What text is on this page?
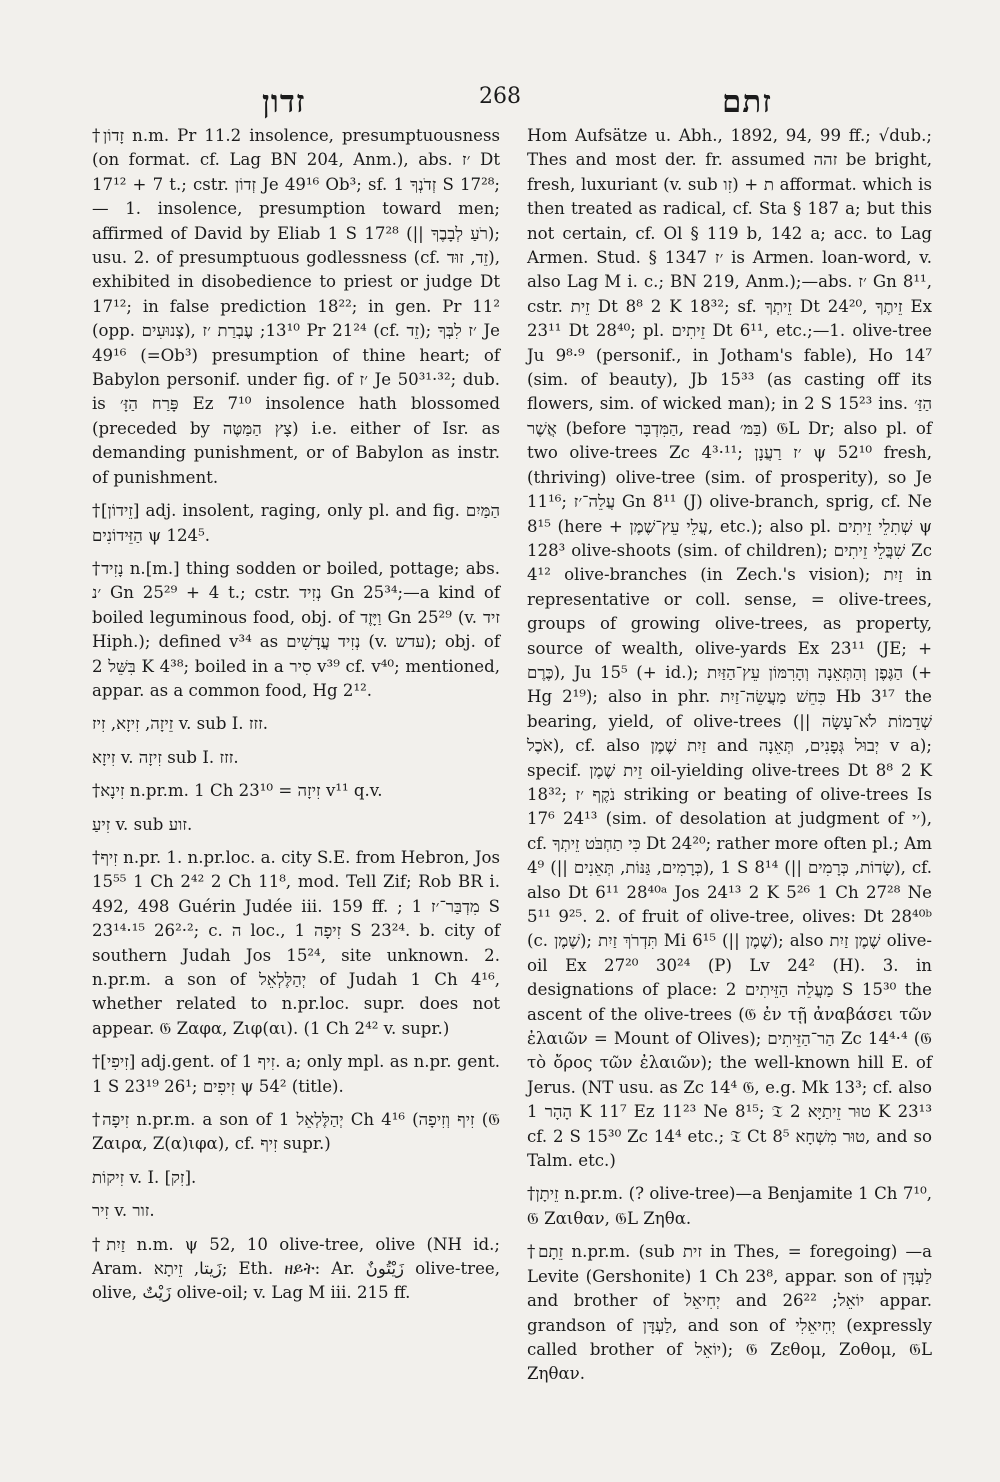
זדון	268	זתם

†זָדוֹן n.m. Pr 11.2 insolence, presumptuousness (on format. cf. Lag BN 204, Anm.), abs. ׳ז Dt 17¹² + 7 t.; cstr. זְדוֹן Je 49¹⁶ Ob³; sf. זְדֹנְךָ 1 S 17²⁸;— 1. insolence, presumption toward men; affirmed of David by Eliab 1 S 17²⁸ (|| רֹעַ לְבָבֶךָ); usu. 2. of presumptuous godlessness (cf. זֵד, זוּד), exhibited in disobedience to priest or judge Dt 17¹²; in false prediction 18²²; in gen. Pr 11² (opp. צְנוּעִים), 13¹⁰; עֶבְרַת ׳ז Pr 21²⁴ (cf. זֵד); ׳ז לִבְּךָ Je 49¹⁶ (=Ob³) presumption of thine heart; of Babylon personif. under fig. of ׳ז Je 50³¹·³²; dub. is פָּרַח הַזָּ׳ Ez 7¹⁰ insolence hath blossomed (preceded by צָץ הַמַּטֶּה) i.e. either of Isr. as demanding punishment, or of Babylon as instr. of punishment.

†[זֵידוֹן] adj. insolent, raging, only pl. and fig. הַמַּיִם הַזֵּידוֹנִים ψ 124⁵.

†נָזִיד n.[m.] thing sodden or boiled, pottage; abs. ׳נ Gn 25²⁹ + 4 t.; cstr. נְזִיד Gn 25³⁴;—a kind of boiled leguminous food, obj. of וַיָּזֶד Gn 25²⁹ (v. זיד Hiph.); defined v³⁴ as נְזִיד עֲדָשִׁים (v. עדש); obj. of בִּשֵּׁל 2 K 4³⁸; boiled in a סִיר v³⁹ cf. v⁴⁰; mentioned, appar. as a common food, Hg 2¹².

זֵיזָה, זִיזָא, זִיז v. sub I. זזז.

זִיזָא v. זִיזָה sub I. זזז.

†זִינָא n.pr.m. 1 Ch 23¹⁰ = זִיזָה v¹¹ q.v.

זִיעַ v. sub זוע.

†זִיף n.pr. 1. n.pr.loc. a. city S.E. from Hebron, Jos 15⁵⁵ 1 Ch 2⁴² 2 Ch 11⁸, mod. Tell Zif; Rob BR i. 492, 498 Guérin Judée iii. 159 ff. ; מִדְבַּר־׳ז 1 S 23¹⁴·¹⁵ 26²·²; c. ה loc., זִיפָה 1 S 23²⁴. b. city of southern Judah Jos 15²⁴, site unknown. 2. n.pr.m. a son of יְהַלֶּלְאֵל of Judah 1 Ch 4¹⁶, whether related to n.pr.loc. supr. does not appear. 𝔊 Ζαφα, Ζιφ(αι). (1 Ch 2⁴² v. supr.)

†[זִיפִי] adj.gent. of זִיף 1. a; only mpl. as n.pr. gent. 1 S 23¹⁹ 26¹; זִיפִים ψ 54² (title).

†זִיפָה n.pr.m. a son of יְהַלֶּלְאֵל 1 Ch 4¹⁶ (זִיף וְזִיפָה (𝔊 Ζαιρα, Ζ(α)ιφα), cf. זִיף supr.)

זִיקוֹת v. I. [זִק].

זִיר v. זור.

†זַיִת n.m. ψ 52, 10 olive-tree, olive (NH id.; Aram. زَيتا, זֵיתָא; Eth. ዘይት: Ar. زَيْتُونٌ olive-tree, olive, زَيْتٌ olive-oil; v. Lag M iii. 215 ff.

Hom Aufsätze u. Abh., 1892, 94, 99 ff.; √dub.; Thes and most der. fr. assumed זהה be bright, fresh, luxuriant (v. sub זִו) + ת afformat. which is then treated as radical, cf. Sta § 187 a; but this not certain, cf. Ol § 119 b, 142 a; acc. to Lag Armen. Stud. § 1347 ׳ז is Armen. loan-word, v. also Lag M i. c.; BN 219, Anm.);—abs. ׳ז Gn 8¹¹, cstr. זֵית Dt 8⁸ 2 K 18³²; sf. זֵיתְךָ Dt 24²⁰, זֵיתֶךָ Ex 23¹¹ Dt 28⁴⁰; pl. זֵיתִים Dt 6¹¹, etc.;—1. olive-tree Ju 9⁸·⁹ (personif., in Jotham's fable), Ho 14⁷ (sim. of beauty), Jb 15³³ (as casting off its flowers, sim. of wicked man); in 2 S 15²³ ins. הַזַּ׳ אֲשֶׁר (before הַמִּדְבָּר, read בַּמּ׳) 𝔊L Dr; also pl. of two olive-trees Zc 4³·¹¹; ׳ז רַעֲנָן ψ 52¹⁰ fresh, (thriving) olive-tree (sim. of prosperity), so Je 11¹⁶; עֲלֵה־׳ז Gn 8¹¹ (J) olive-branch, sprig, cf. Ne 8¹⁵ (here + עֲלֵי עֵץ־שֶׁמֶן, etc.); also pl. שְׁתִלֵי זֵיתִים ψ 128³ olive-shoots (sim. of children); שִׁבֲּלֵי זֵיתִים Zc 4¹² olive-branches (in Zech.'s vision); זַיִת in representative or coll. sense, = olive-trees, groups of growing olive-trees, as property, source of wealth, olive-yards Ex 23¹¹ (JE; + כֶּרֶם), Ju 15⁵ (+ id.); הַגֶּפֶן וְהַתְּאֵנָה וְהָרִמּוֹן עֵץ־הַזַּיִת (+ Hg 2¹⁹); also in phr. כִּחֵשׁ מַעֲשֵׂה־זַיִת Hb 3¹⁷ the bearing, yield, of olive-trees (|| שְׁדֵמוֹת לֹא־עָשָׂה אֹכֶל), cf. also זַיִת שֶׁמֶן and יְבוּל גְּפָנִים, תְּאֵנָה v a); specif. זֵית שֶׁמֶן oil-yielding olive-trees Dt 8⁸ 2 K 18³²; נֹקֶף ׳ז striking or beating of olive-trees Is 17⁶ 24¹³ (sim. of desolation at judgment of ׳י), cf. כִּי תַחְבֹּט זֵיתְךָ Dt 24²⁰; rather more often pl.; Am 4⁹ (|| כְּרָמִים, גַּנּוֹת, תְּאֵנִים), 1 S 8¹⁴ (|| שָׂדוֹת, כְּרָמִים), cf. also Dt 6¹¹ 28⁴⁰ᵃ Jos 24¹³ 2 K 5²⁶ 1 Ch 27²⁸ Ne 5¹¹ 9²⁵. 2. of fruit of olive-tree, olives: Dt 28⁴⁰ᵇ (c. שֶׁמֶן); תִּדְרֹךְ זַיִת Mi 6¹⁵ (|| שֶׁמֶן); also שֶׁמֶן זַיִת olive-oil Ex 27²⁰ 30²⁴ (P) Lv 24² (H). 3. in designations of place: מַעֲלֵה הַזֵּיתִים 2 S 15³⁰ the ascent of the olive-trees (𝔊 ἐν τῇ ἀναβάσει τῶν ἐλαιῶν = Mount of Olives); הַר־הַזֵּיתִים Zc 14⁴·⁴ (𝔊 τὸ ὄρος τῶν ἐλαιῶν); the well-known hill E. of Jerus. (NT usu. as Zc 14⁴ 𝔊, e.g. Mk 13³; cf. also הָהָר 1 K 11⁷ Ez 11²³ Ne 8¹⁵; 𝔗 טוּר זֵיתַיָּא 2 K 23¹³ cf. 2 S 15³⁰ Zc 14⁴ etc.; 𝔗 Ct 8⁵ טוּר מִשְׁחָא, and so Talm. etc.)

†זֵיתָן n.pr.m. (? olive-tree)—a Benjamite 1 Ch 7¹⁰, 𝔊 Ζαιθαν, 𝔊L Ζηθα.

†זֵתָם n.pr.m. (sub זית in Thes, = foregoing) —a Levite (Gershonite) 1 Ch 23⁸, appar. son of לַעְדָּן and brother of יְחִיאֵל and יוֹאֵל; 26²² appar. grandson of לַעְדָּן, and son of יְחִיאֵלִי (expressly called brother of יוֹאֵל); 𝔊 Ζεθομ, Ζοθομ, 𝔊L Ζηθαν.
